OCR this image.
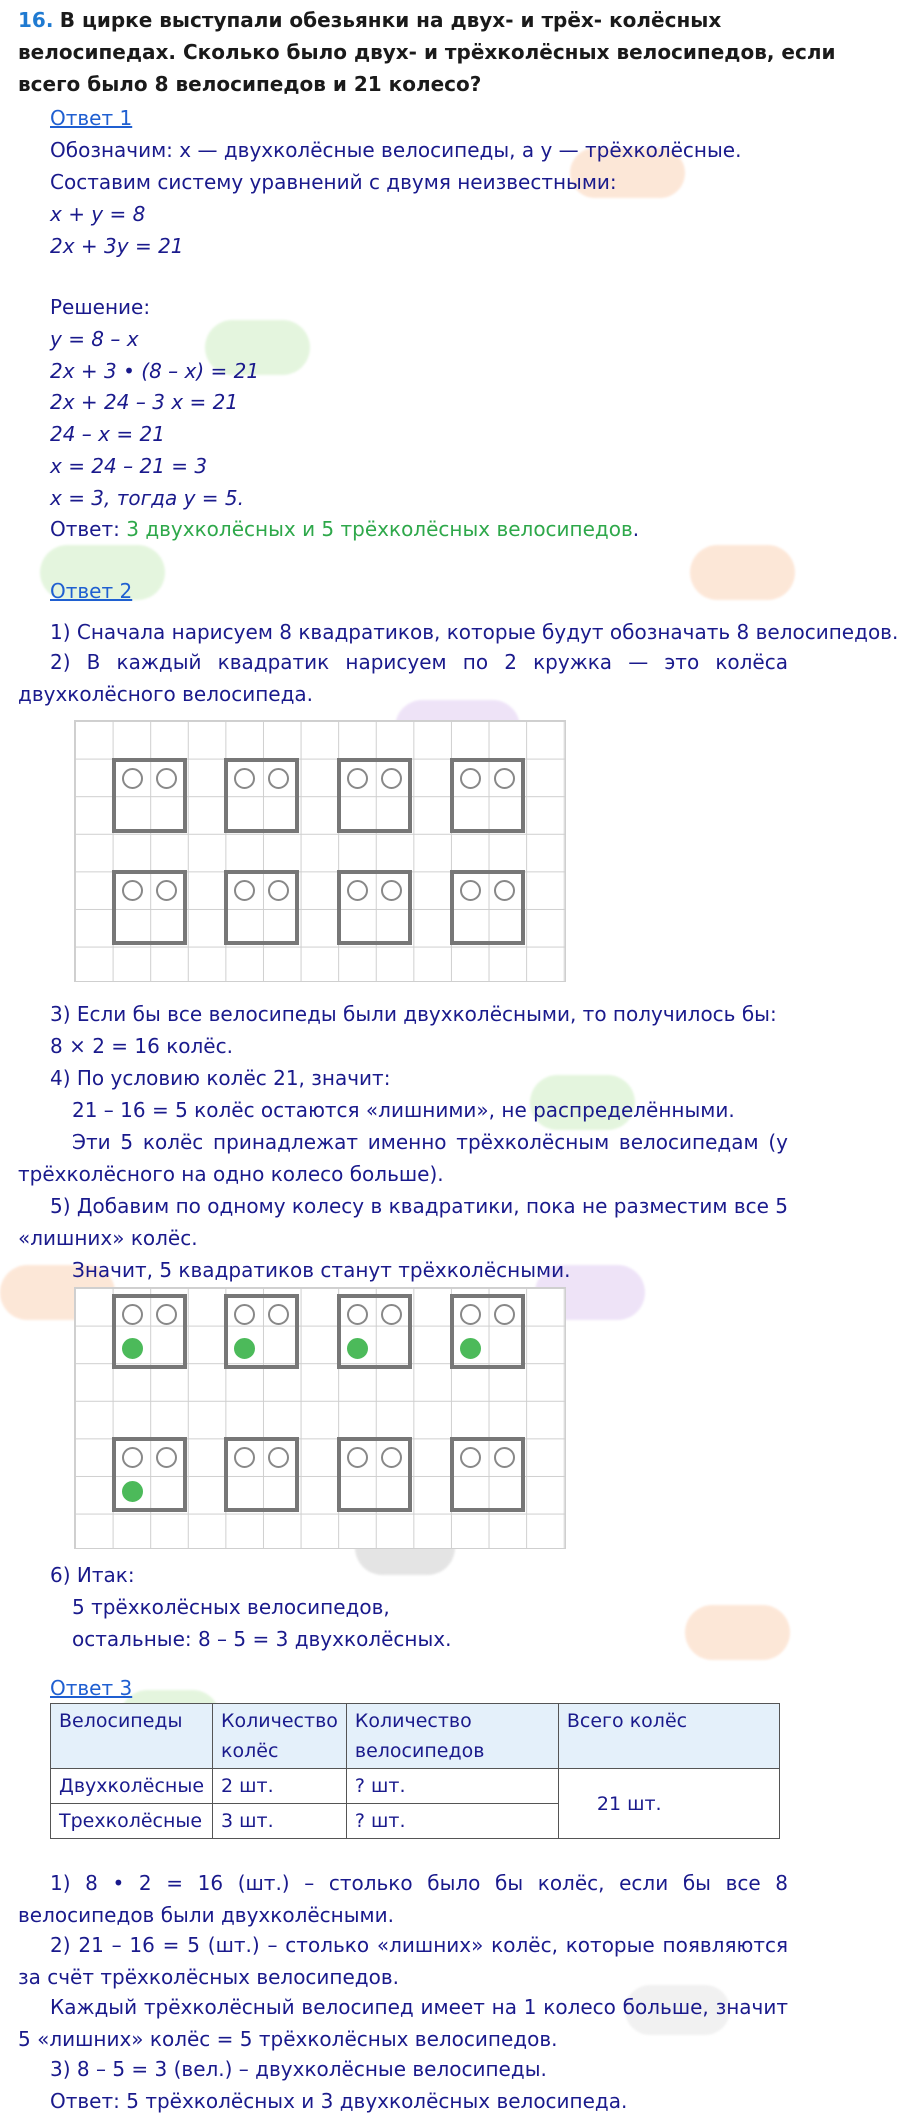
16. В цирке выступали обезьянки на двух- и трёх- колёсных
велосипедах. Сколько было двух- и трёхколёсных велосипедов, если
всего было 8 велосипедов и 21 колесо?
Ответ 1
Обозначим: x — двухколёсные велосипеды, а у — трёхколёсные.
Составим систему уравнений с двумя неизвестными:
x + у = 8
2x + 3y = 21
Решение:
у = 8 – x
2x + 3 • (8 – x) = 21
2x + 24 – 3 x = 21
24 – x = 21
x = 24 – 21 = 3
x = 3, тогда у = 5.
Ответ: 3 двухколёсных и 5 трёхколёсных велосипедов.
Ответ 2
1) Сначала нарисуем 8 квадратиков, которые будут обозначать 8 велосипедов.
2) В каждый квадратик нарисуем по 2 кружка — это колёса двухколёсного велосипеда.
3) Если бы все велосипеды были двухколёсными, то получилось бы:
8 × 2 = 16 колёс.
4) По условию колёс 21, значит:
21 – 16 = 5 колёс остаются «лишними», не распределёнными.
Эти 5 колёс принадлежат именно трёхколёсным велосипедам (у трёхколёсного на одно колесо больше).
5) Добавим по одному колесу в квадратики, пока не разместим все 5 «лишних» колёс.
Значит, 5 квадратиков станут трёхколёсными.
6) Итак:
5 трёхколёсных велосипедов,
остальные: 8 – 5 = 3 двухколёсных.
Ответ 3
Велосипеды	Количество колёс	Количество велосипедов	Всего колёс
Двухколёсные	2 шт.	? шт.	21 шт.
Трехколёсные	3 шт.	? шт.	
1) 8 • 2 = 16 (шт.) – столько было бы колёс, если бы все 8 велосипедов были двухколёсными.
2) 21 – 16 = 5 (шт.) – столько «лишних» колёс, которые появляются за счёт трёхколёсных велосипедов.
Каждый трёхколёсный велосипед имеет на 1 колесо больше, значит 5 «лишних» колёс = 5 трёхколёсных велосипедов.
3) 8 – 5 = 3 (вел.) – двухколёсные велосипеды.
Ответ: 5 трёхколёсных и 3 двухколёсных велосипеда.
